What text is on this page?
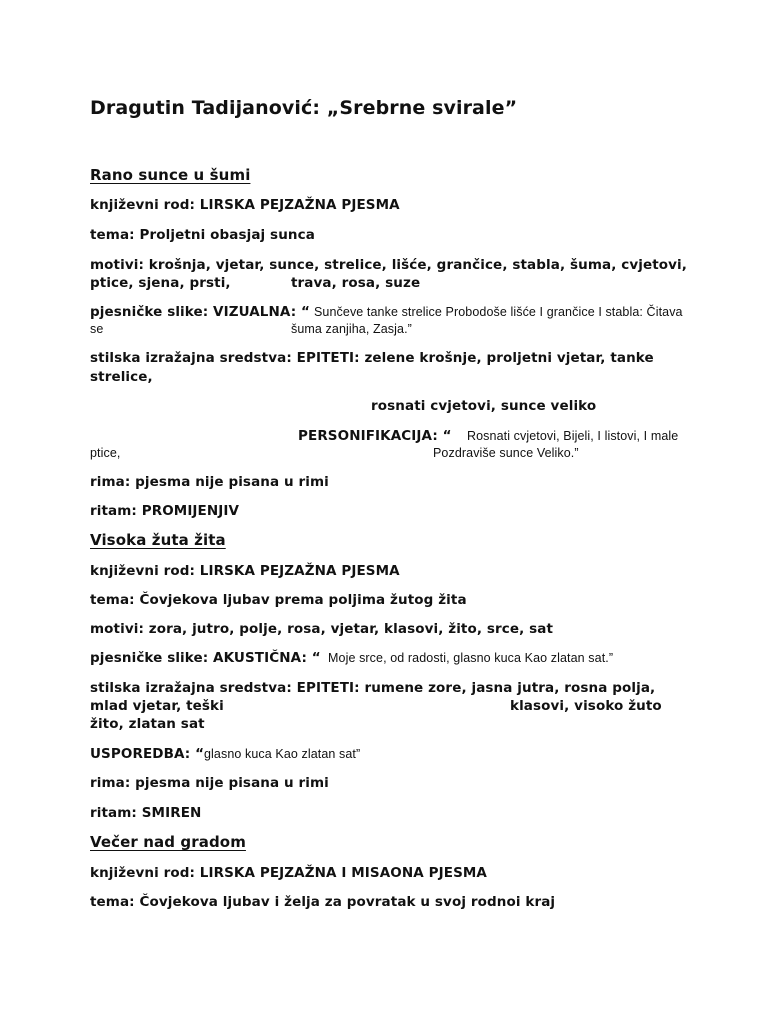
Dragutin Tadijanović: „Srebrne svirale”
Rano sunce u šumi
književni rod: LIRSKA PEJZAŽNA PJESMA
tema: Proljetni obasjaj sunca
motivi: krošnja, vjetar, sunce, strelice, lišće, grančice, stabla, šuma, cvjetovi,
ptice, sjena, prsti,	trava, rosa, suze
pjesničke slike: VIZUALNA: “ Sunčeve tanke strelice Probodoše lišće I grančice I stabla: Čitava
se	šuma zanjiha, Zasja.”
stilska izražajna sredstva: EPITETI: zelene krošnje, proljetni vjetar, tanke
strelice,
rosnati cvjetovi, sunce veliko
PERSONIFIKACIJA: “ Rosnati cvjetovi, Bijeli, I listovi, I male
ptice,	Pozdraviše sunce Veliko.”
rima: pjesma nije pisana u rimi
ritam: PROMIJENJIV
Visoka žuta žita
književni rod: LIRSKA PEJZAŽNA PJESMA
tema: Čovjekova ljubav prema poljima žutog žita
motivi: zora, jutro, polje, rosa, vjetar, klasovi, žito, srce, sat
pjesničke slike: AKUSTIČNA: “ Moje srce, od radosti, glasno kuca Kao zlatan sat.”
stilska izražajna sredstva: EPITETI: rumene zore, jasna jutra, rosna polja,
mlad vjetar, teški	klasovi, visoko žuto
žito, zlatan sat
USPOREDBA: “ glasno kuca Kao zlatan sat”
rima: pjesma nije pisana u rimi
ritam: SMIREN
Večer nad gradom
književni rod: LIRSKA PEJZAŽNA I MISAONA PJESMA
tema: Čovjekova ljubav i želja za povratak u svoj rodnoi kraj
